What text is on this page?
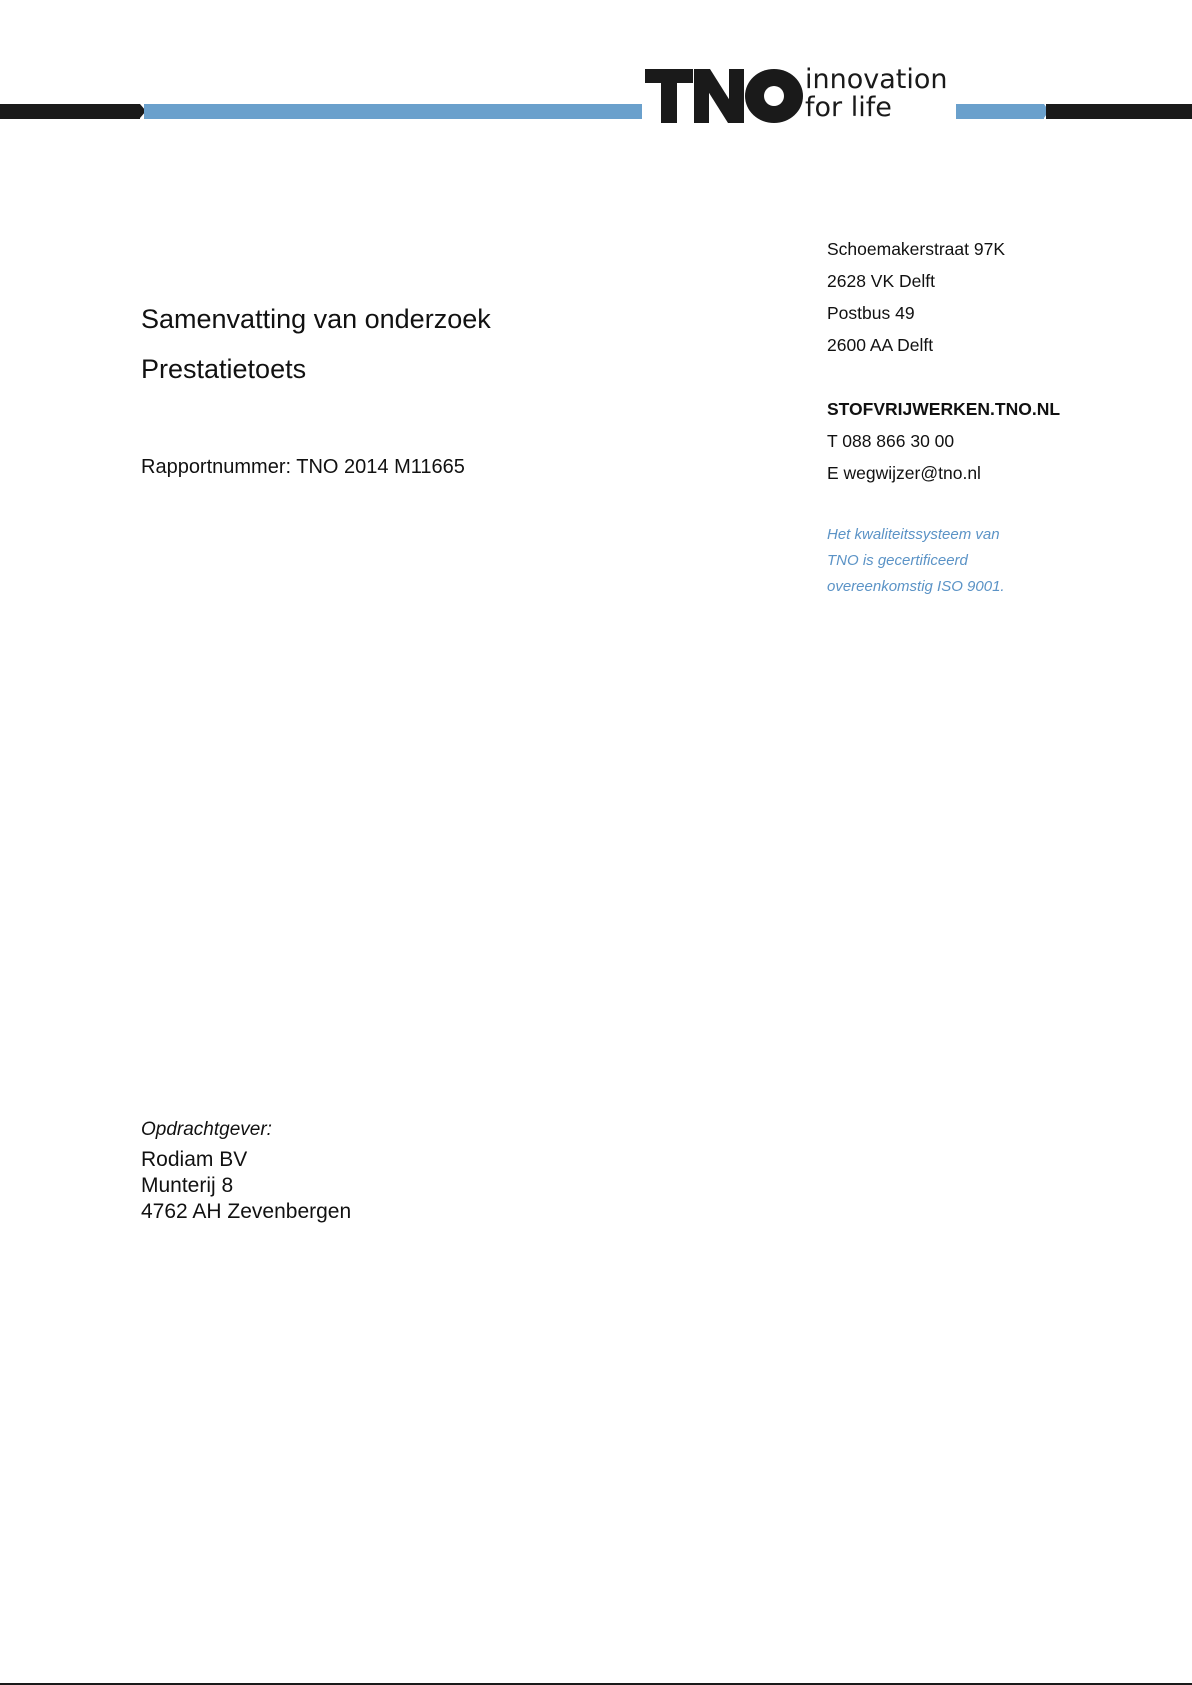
innovation
for life
Samenvatting van onderzoek
Prestatietoets
Rapportnummer: TNO 2014 M11665
Schoemakerstraat 97K
2628 VK Delft
Postbus 49
2600 AA Delft
STOFVRIJWERKEN.TNO.NL
T 088 866 30 00
E wegwijzer@tno.nl
Het kwaliteitssysteem van
TNO is gecertificeerd
overeenkomstig ISO 9001.
Opdrachtgever:
Rodiam BV
Munterij 8
4762 AH Zevenbergen
